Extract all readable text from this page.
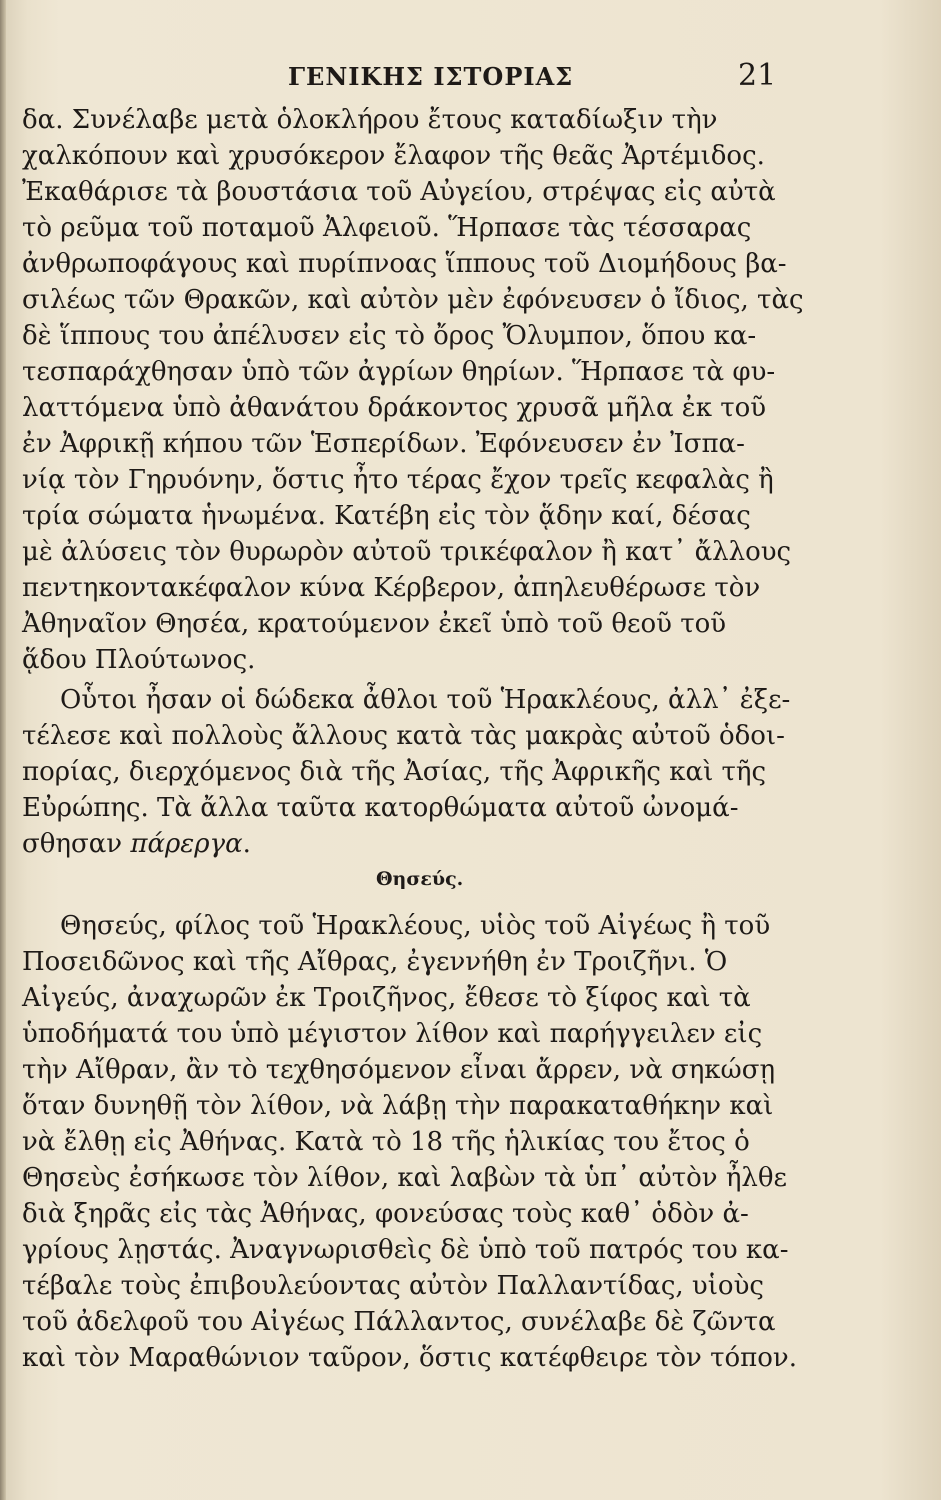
ΓΕΝΙΚΗΣ ΙΣΤΟΡΙΑΣ	21
δα. Συνέλαβε μετὰ ὁλοκλήρου ἔτους καταδίωξιν τὴν
χαλκόπουν καὶ χρυσόκερον ἔλαφον τῆς θεᾶς Ἀρτέμιδος.
Ἐκαθάρισε τὰ βουστάσια τοῦ Αὐγείου, στρέψας εἰς αὐτὰ
τὸ ρεῦμα τοῦ ποταμοῦ Ἀλφειοῦ. Ἥρπασε τὰς τέσσαρας
ἀνθρωποφάγους καὶ πυρίπνοας ἵππους τοῦ Διομήδους βα-
σιλέως τῶν Θρακῶν, καὶ αὐτὸν μὲν ἐφόνευσεν ὁ ἴδιος, τὰς
δὲ ἵππους του ἀπέλυσεν εἰς τὸ ὄρος Ὄλυμπον, ὅπου κα-
τεσπαράχθησαν ὑπὸ τῶν ἀγρίων θηρίων. Ἥρπασε τὰ φυ-
λαττόμενα ὑπὸ ἀθανάτου δράκοντος χρυσᾶ μῆλα ἐκ τοῦ
ἐν Ἀφρικῇ κήπου τῶν Ἑσπερίδων. Ἐφόνευσεν ἐν Ἰσπα-
νίᾳ τὸν Γηρυόνην, ὅστις ἦτο τέρας ἔχον τρεῖς κεφαλὰς ἢ
τρία σώματα ἡνωμένα. Κατέβη εἰς τὸν ᾅδην καί, δέσας
μὲ ἀλύσεις τὸν θυρωρὸν αὐτοῦ τρικέφαλον ἢ κατ᾽ ἄλλους
πεντηκοντακέφαλον κύνα Κέρβερον, ἀπηλευθέρωσε τὸν
Ἀθηναῖον Θησέα, κρατούμενον ἐκεῖ ὑπὸ τοῦ θεοῦ τοῦ
ᾅδου Πλούτωνος.
Οὗτοι ἦσαν οἱ δώδεκα ἆθλοι τοῦ Ἡρακλέους, ἀλλ᾽ ἐξε-
τέλεσε καὶ πολλοὺς ἄλλους κατὰ τὰς μακρὰς αὐτοῦ ὁδοι-
πορίας, διερχόμενος διὰ τῆς Ἀσίας, τῆς Ἀφρικῆς καὶ τῆς
Εὐρώπης. Τὰ ἄλλα ταῦτα κατορθώματα αὐτοῦ ὠνομά-
σθησαν πάρεργα.
Θησεύς.
Θησεύς, φίλος τοῦ Ἡρακλέους, υἱὸς τοῦ Αἰγέως ἢ τοῦ
Ποσειδῶνος καὶ τῆς Αἴθρας, ἐγεννήθη ἐν Τροιζῆνι. Ὁ
Αἰγεύς, ἀναχωρῶν ἐκ Τροιζῆνος, ἔθεσε τὸ ξίφος καὶ τὰ
ὑποδήματά του ὑπὸ μέγιστον λίθον καὶ παρήγγειλεν εἰς
τὴν Αἴθραν, ἂν τὸ τεχθησόμενον εἶναι ἄρρεν, νὰ σηκώσῃ
ὅταν δυνηθῇ τὸν λίθον, νὰ λάβῃ τὴν παρακαταθήκην καὶ
νὰ ἔλθῃ εἰς Ἀθήνας. Κατὰ τὸ 18 τῆς ἡλικίας του ἔτος ὁ
Θησεὺς ἐσήκωσε τὸν λίθον, καὶ λαβὼν τὰ ὑπ᾽ αὐτὸν ἦλθε
διὰ ξηρᾶς εἰς τὰς Ἀθήνας, φονεύσας τοὺς καθ᾽ ὁδὸν ἀ-
γρίους λῃστάς. Ἀναγνωρισθεὶς δὲ ὑπὸ τοῦ πατρός του κα-
τέβαλε τοὺς ἐπιβουλεύοντας αὐτὸν Παλλαντίδας, υἱοὺς
τοῦ ἀδελφοῦ του Αἰγέως Πάλλαντος, συνέλαβε δὲ ζῶντα
καὶ τὸν Μαραθώνιον ταῦρον, ὅστις κατέφθειρε τὸν τόπον.
